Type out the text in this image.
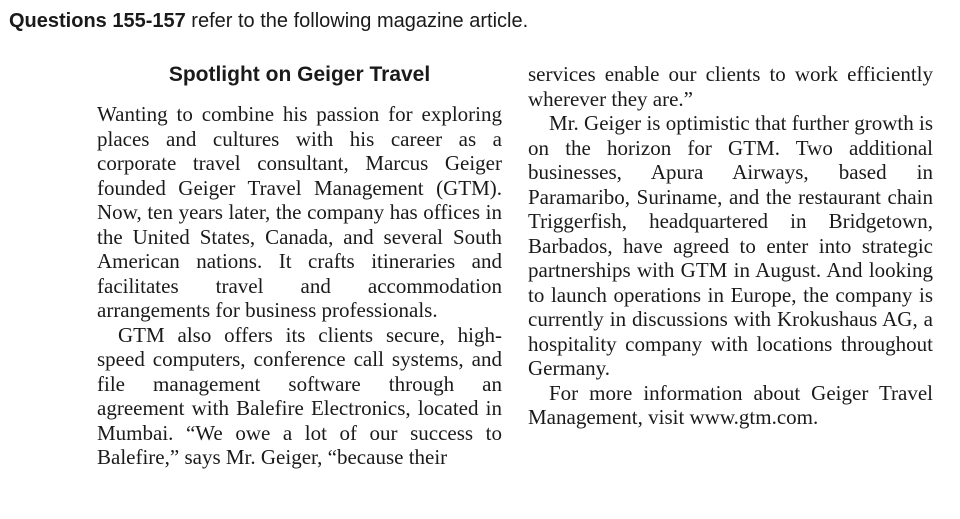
Questions 155-157 refer to the following magazine article.
Spotlight on Geiger Travel

Wanting to combine his passion for exploring places and cultures with his career as a corporate travel consultant, Marcus Geiger founded Geiger Travel Management (GTM). Now, ten years later, the company has offices in the United States, Canada, and several South American nations. It crafts itineraries and facilitates travel and accommodation arrangements for business professionals.

GTM also offers its clients secure, high-speed computers, conference call systems, and file management software through an agreement with Balefire Electronics, located in Mumbai. “We owe a lot of our success to Balefire,” says Mr. Geiger, “because their

services enable our clients to work efficiently wherever they are.”

Mr. Geiger is optimistic that further growth is on the horizon for GTM. Two additional businesses, Apura Airways, based in Paramaribo, Suriname, and the restaurant chain Triggerfish, headquartered in Bridgetown, Barbados, have agreed to enter into strategic partnerships with GTM in August. And looking to launch operations in Europe, the company is currently in discussions with Krokushaus AG, a hospitality company with locations throughout Germany.

For more information about Geiger Travel Management, visit www.gtm.com.
